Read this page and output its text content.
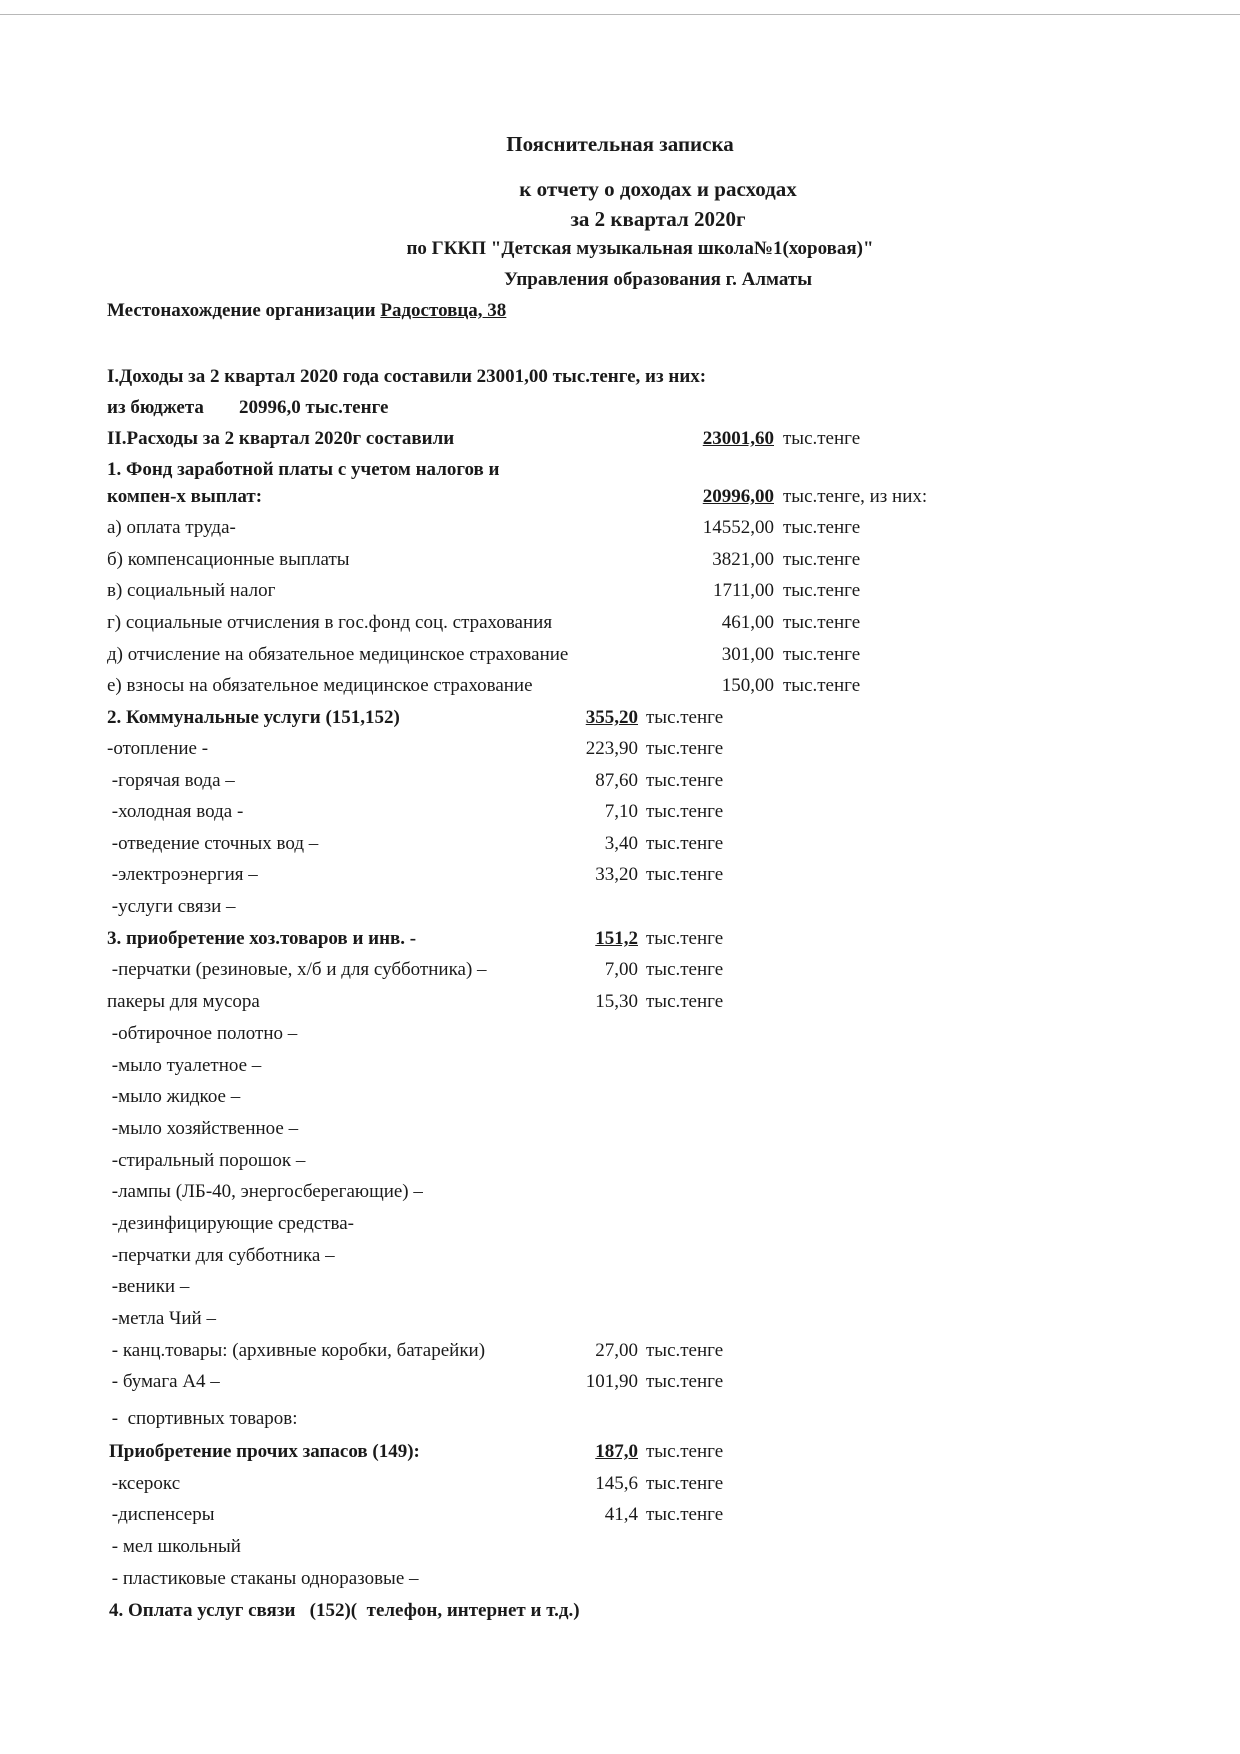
Пояснительная записка
к отчету о доходах и расходах
за 2 квартал 2020г
по ГККП "Детская музыкальная школа№1(хоровая)"
Управления образования г. Алматы
Местонахождение организации Радостовца, 38
I.Доходы за 2 квартал 2020 года составили 23001,00 тыс.тенге, из них:
из бюджета 20996,0 тыс.тенге
II.Расходы за 2 квартал 2020г составили	23001,60 тыс.тенге
1. Фонд заработной платы с учетом налогов и
компен-х выплат:	20996,00 тыс.тенге, из них:
а) оплата труда-	14552,00 тыс.тенге
б) компенсационные выплаты	3821,00 тыс.тенге
в) социальный налог	1711,00 тыс.тенге
г) социальные отчисления в гос.фонд соц. страхования	461,00 тыс.тенге
д) отчисление на обязательное медицинское страхование	301,00 тыс.тенге
е) взносы на обязательное медицинское страхование	150,00 тыс.тенге
2. Коммунальные услуги (151,152)	355,20 тыс.тенге
-отопление -	223,90 тыс.тенге
-горячая вода –	87,60 тыс.тенге
-холодная вода -	7,10 тыс.тенге
-отведение сточных вод –	3,40 тыс.тенге
-электроэнергия –	33,20 тыс.тенге
-услуги связи –
3. приобретение хоз.товаров и инв. -	151,2 тыс.тенге
-перчатки (резиновые, х/б и для субботника) –	7,00 тыс.тенге
пакеры для мусора	15,30 тыс.тенге
-обтирочное полотно –
-мыло туалетное –
-мыло жидкое –
-мыло хозяйственное –
-стиральный порошок –
-лампы (ЛБ-40, энергосберегающие) –
-дезинфицирующие средства-
-перчатки для субботника –
-веники –
-метла Чий –
- канц.товары: (архивные коробки, батарейки)	27,00 тыс.тенге
- бумага А4 –	101,90 тыс.тенге
-  спортивных товаров:
Приобретение прочих запасов (149):	187,0 тыс.тенге
-ксерокс	145,6 тыс.тенге
-диспенсеры	41,4 тыс.тенге
- мел школьный
- пластиковые стаканы одноразовые –
4. Оплата услуг связи   (152)(  телефон, интернет и т.д.)
